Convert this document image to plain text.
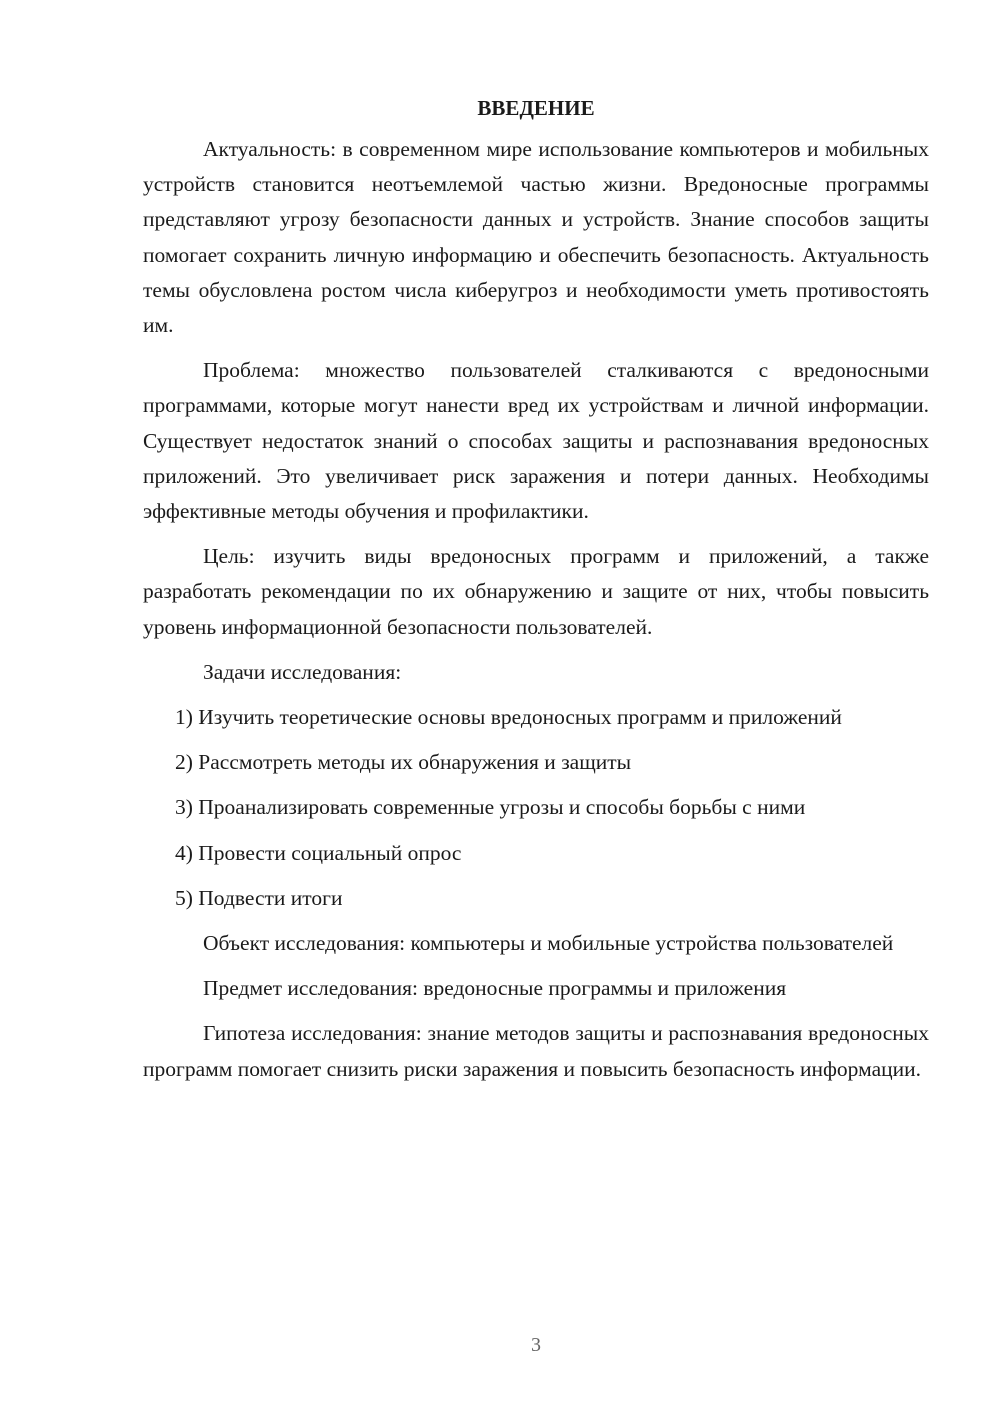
ВВЕДЕНИЕ

Актуальность: в современном мире использование компьютеров и мобильных устройств становится неотъемлемой частью жизни. Вредоносные программы представляют угрозу безопасности данных и устройств. Знание способов защиты помогает сохранить личную информацию и обеспечить безопасность. Актуальность темы обусловлена ростом числа киберугроз и необходимости уметь противостоять им.

Проблема: множество пользователей сталкиваются с вредоносными программами, которые могут нанести вред их устройствам и личной информации. Существует недостаток знаний о способах защиты и распознавания вредоносных приложений. Это увеличивает риск заражения и потери данных. Необходимы эффективные методы обучения и профилактики.

Цель: изучить виды вредоносных программ и приложений, а также разработать рекомендации по их обнаружению и защите от них, чтобы повысить уровень информационной безопасности пользователей.

Задачи исследования:

1) Изучить теоретические основы вредоносных программ и приложений

2) Рассмотреть методы их обнаружения и защиты

3) Проанализировать современные угрозы и способы борьбы с ними

4) Провести социальный опрос

5) Подвести итоги

Объект исследования: компьютеры и мобильные устройства пользователей

Предмет исследования: вредоносные программы и приложения

Гипотеза исследования: знание методов защиты и распознавания вредоносных программ помогает снизить риски заражения и повысить безопасность информации.

3
